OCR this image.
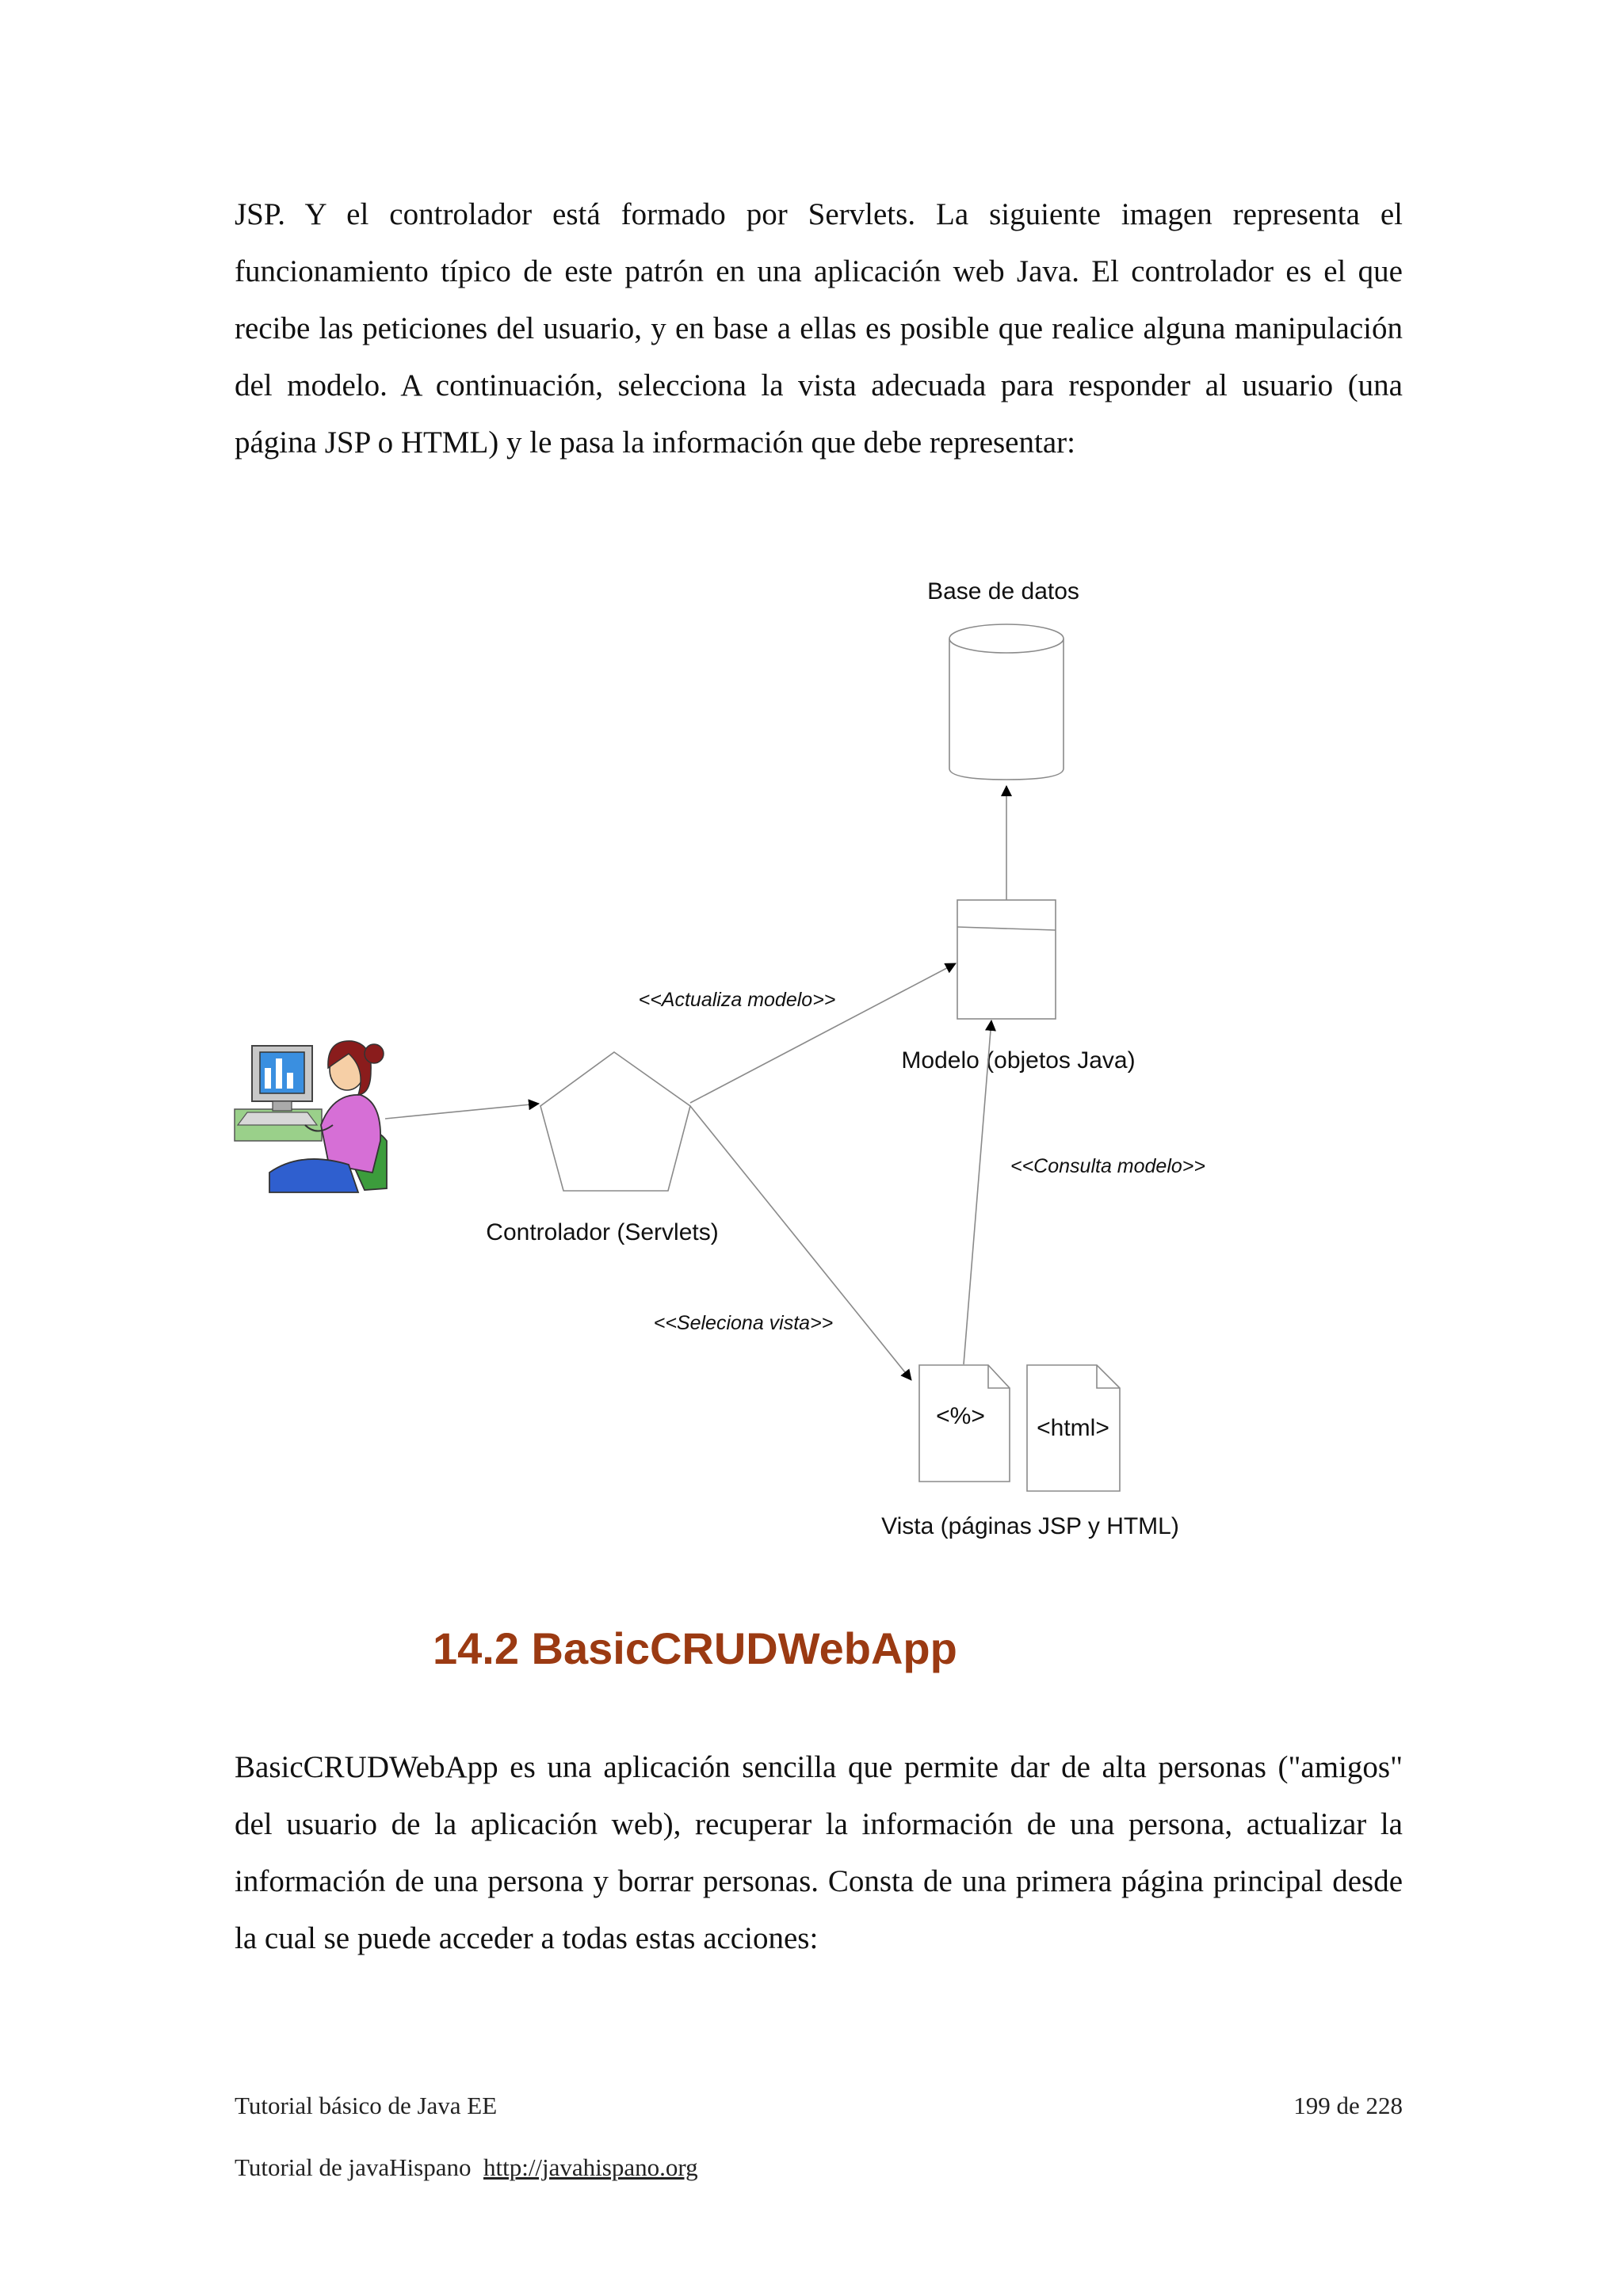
JSP. Y el controlador está formado por Servlets. La siguiente imagen representa el funcionamiento típico de este patrón en una aplicación web Java. El controlador es el que recibe las peticiones del usuario, y en base a ellas es posible que realice alguna manipulación del modelo. A continuación, selecciona la vista adecuada para responder al usuario (una página JSP o HTML) y le pasa la información que debe representar:

Base de datos
Modelo (objetos Java)
Controlador (Servlets)
<<Actualiza modelo>>
<<Seleciona vista>>
<<Consulta modelo>>
<%> <html>
Vista (páginas JSP y HTML)
14.2 BasicCRUDWebApp

BasicCRUDWebApp es una aplicación sencilla que permite dar de alta personas ("amigos" del usuario de la aplicación web), recuperar la información de una persona, actualizar la información de una persona y borrar personas. Consta de una primera página principal desde la cual se puede acceder a todas estas acciones:

Tutorial básico de Java EE	199 de 228
Tutorial de javaHispano http://javahispano.org
